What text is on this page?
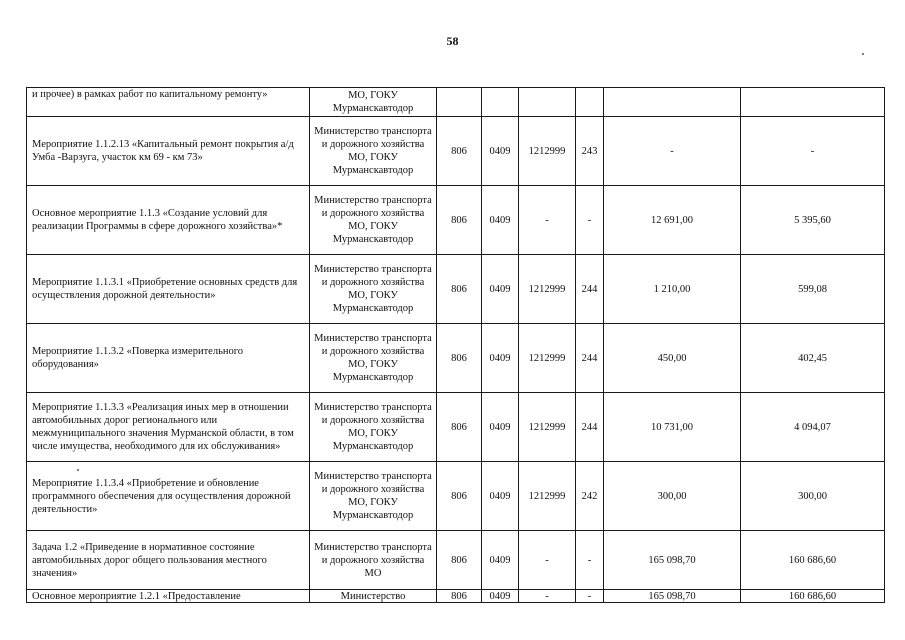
58
и прочее) в рамках работ по капитальному ремонту»	МО, ГОКУ Мурманскавтодор						
Мероприятие 1.1.2.13 «Капитальный ремонт покрытия а/д Умба -Варзуга, участок км 69 - км 73»	Министерство транспорта и дорожного хозяйства МО, ГОКУ Мурманскавтодор	806	0409	1212999	243	-	-
Основное мероприятие 1.1.3 «Создание условий для реализации Программы в сфере дорожного хозяйства»*	Министерство транспорта и дорожного хозяйства МО, ГОКУ Мурманскавтодор	806	0409	-	-	12 691,00	5 395,60
Мероприятие 1.1.3.1 «Приобретение основных средств для осуществления дорожной деятельности»	Министерство транспорта и дорожного хозяйства МО, ГОКУ Мурманскавтодор	806	0409	1212999	244	1 210,00	599,08
Мероприятие 1.1.3.2 «Поверка измерительного оборудования»	Министерство транспорта и дорожного хозяйства МО, ГОКУ Мурманскавтодор	806	0409	1212999	244	450,00	402,45
Мероприятие 1.1.3.3 «Реализация иных мер в отношении автомобильных дорог регионального или межмуниципального значения Мурманской области, в том числе имущества, необходимого для их обслуживания»	Министерство транспорта и дорожного хозяйства МО, ГОКУ Мурманскавтодор	806	0409	1212999	244	10 731,00	4 094,07
Мероприятие 1.1.3.4 «Приобретение и обновление программного обеспечения для осуществления дорожной деятельности»	Министерство транспорта и дорожного хозяйства МО, ГОКУ Мурманскавтодор	806	0409	1212999	242	300,00	300,00
Задача 1.2 «Приведение в нормативное состояние автомобильных дорог общего пользования местного значения»	Министерство транспорта и дорожного хозяйства МО	806	0409	-	-	165 098,70	160 686,60
Основное мероприятие 1.2.1 «Предоставление	Министерство	806	0409	-	-	165 098,70	160 686,60
